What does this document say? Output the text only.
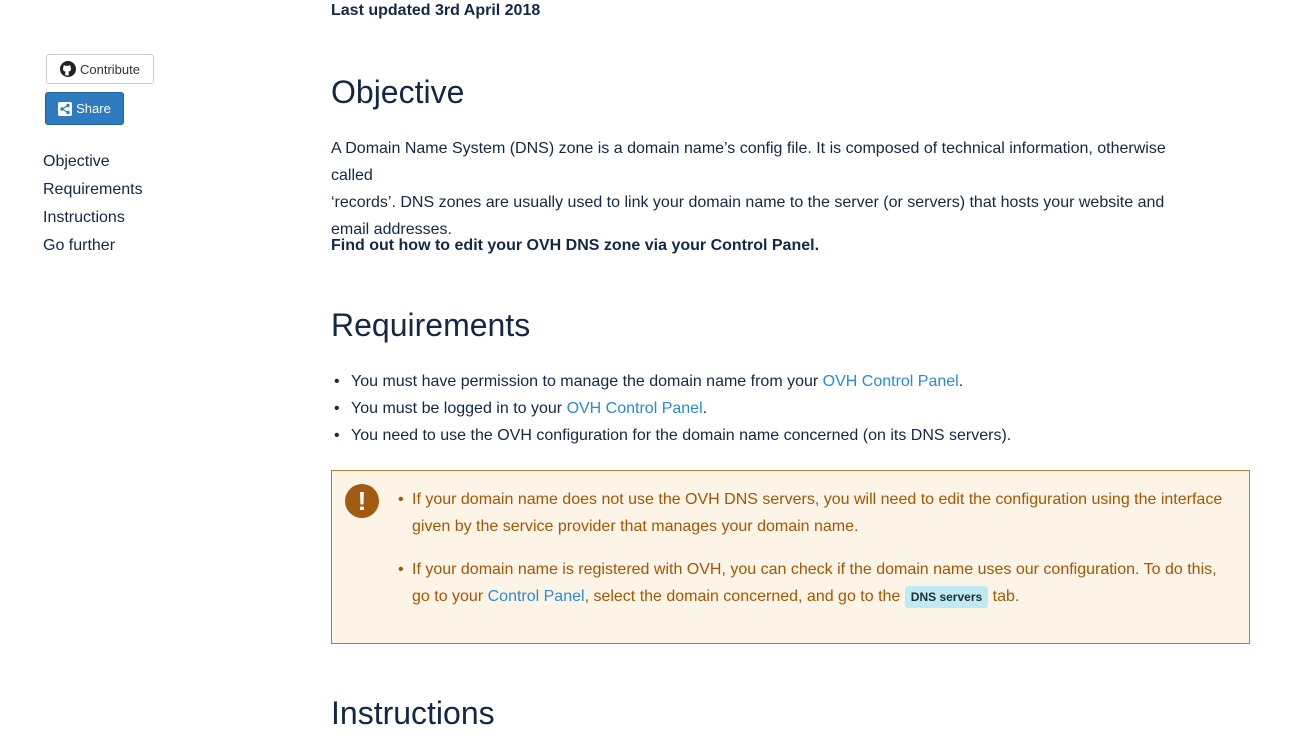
Contribute
Share
Objective
Requirements
Instructions
Go further
Last updated 3rd April 2018
Objective
A Domain Name System (DNS) zone is a domain name’s config file. It is composed of technical information, otherwise called
‘records’. DNS zones are usually used to link your domain name to the server (or servers) that hosts your website and
email addresses.
Find out how to edit your OVH DNS zone via your Control Panel.
Requirements
• You must have permission to manage the domain name from your OVH Control Panel.
• You must be logged in to your OVH Control Panel.
• You need to use the OVH configuration for the domain name concerned (on its DNS servers).
!
•	If your domain name does not use the OVH DNS servers, you will need to edit the configuration using the interface given by the service provider that manages your domain name.
• If your domain name is registered with OVH, you can check if the domain name uses our configuration. To do this, go to your Control Panel, select the domain concerned, and go to the DNS servers tab.
Instructions
